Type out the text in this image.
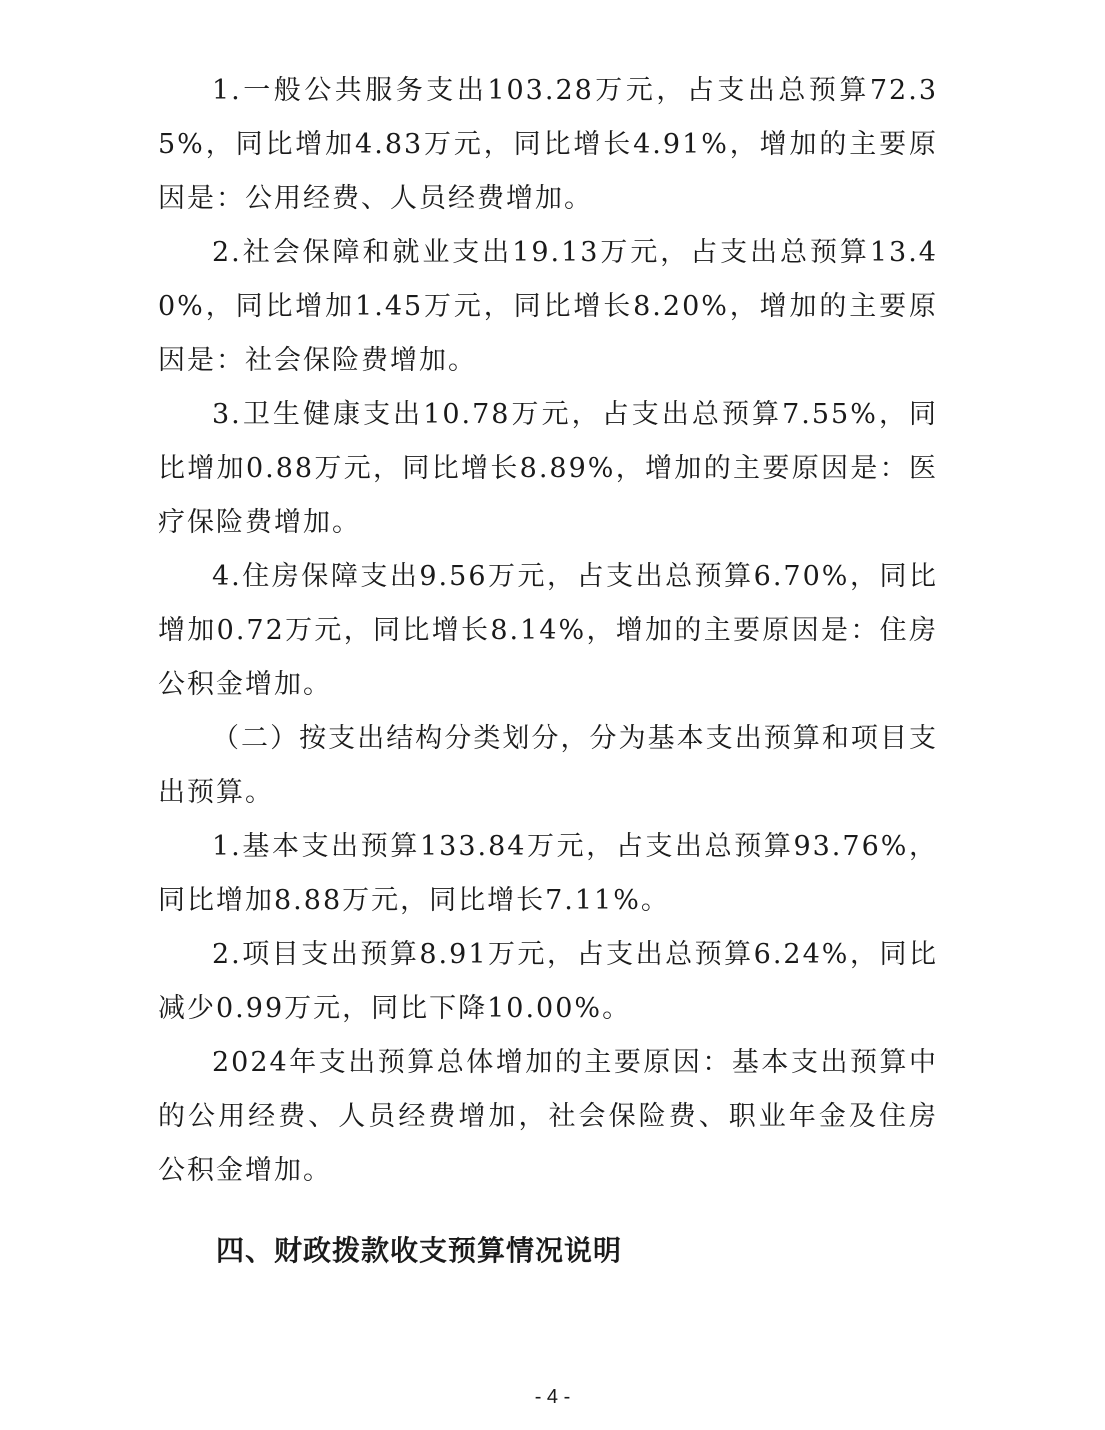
1.一般公共服务支出103.28万元，占支出总预算72.35%，同比增加4.83万元，同比增长4.91%，增加的主要原因是：公用经费、人员经费增加。

2.社会保障和就业支出19.13万元，占支出总预算13.40%，同比增加1.45万元，同比增长8.20%，增加的主要原因是：社会保险费增加。

3.卫生健康支出10.78万元，占支出总预算7.55%，同比增加0.88万元，同比增长8.89%，增加的主要原因是：医疗保险费增加。

4.住房保障支出9.56万元，占支出总预算6.70%，同比增加0.72万元，同比增长8.14%，增加的主要原因是：住房公积金增加。

（二）按支出结构分类划分，分为基本支出预算和项目支出预算。

1.基本支出预算133.84万元，占支出总预算93.76%，同比增加8.88万元，同比增长7.11%。

2.项目支出预算8.91万元，占支出总预算6.24%，同比减少0.99万元，同比下降10.00%。

2024年支出预算总体增加的主要原因：基本支出预算中的公用经费、人员经费增加，社会保险费、职业年金及住房公积金增加。

四、财政拨款收支预算情况说明
- 4 -
